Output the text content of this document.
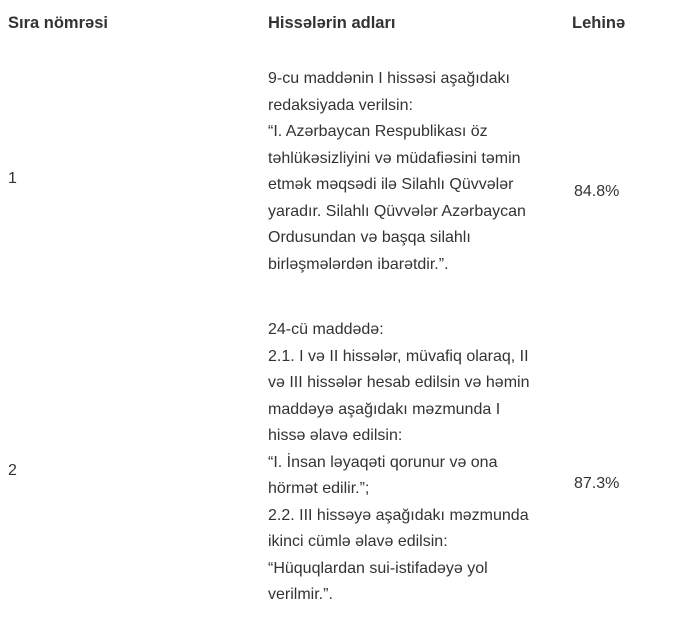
Sıra nömrəsi	Hissələrin adları	Lehinə
1
9-cu maddənin I hissəsi aşağıdakı
redaksiyada verilsin:
“I. Azərbaycan Respublikası öz
təhlükəsizliyini və müdafiəsini təmin
etmək məqsədi ilə Silahlı Qüvvələr
yaradır. Silahlı Qüvvələr Azərbaycan
Ordusundan və başqa silahlı
birləşmələrdən ibarətdir.”.
84.8%
2
24-cü maddədə:
2.1. I və II hissələr, müvafiq olaraq, II
və III hissələr hesab edilsin və həmin
maddəyə aşağıdakı məzmunda I
hissə əlavə edilsin:
“I. İnsan ləyaqəti qorunur və ona
hörmət edilir.”;
2.2. III hissəyə aşağıdakı məzmunda
ikinci cümlə əlavə edilsin:
“Hüquqlardan sui-istifadəyə yol
verilmir.”.
87.3%
